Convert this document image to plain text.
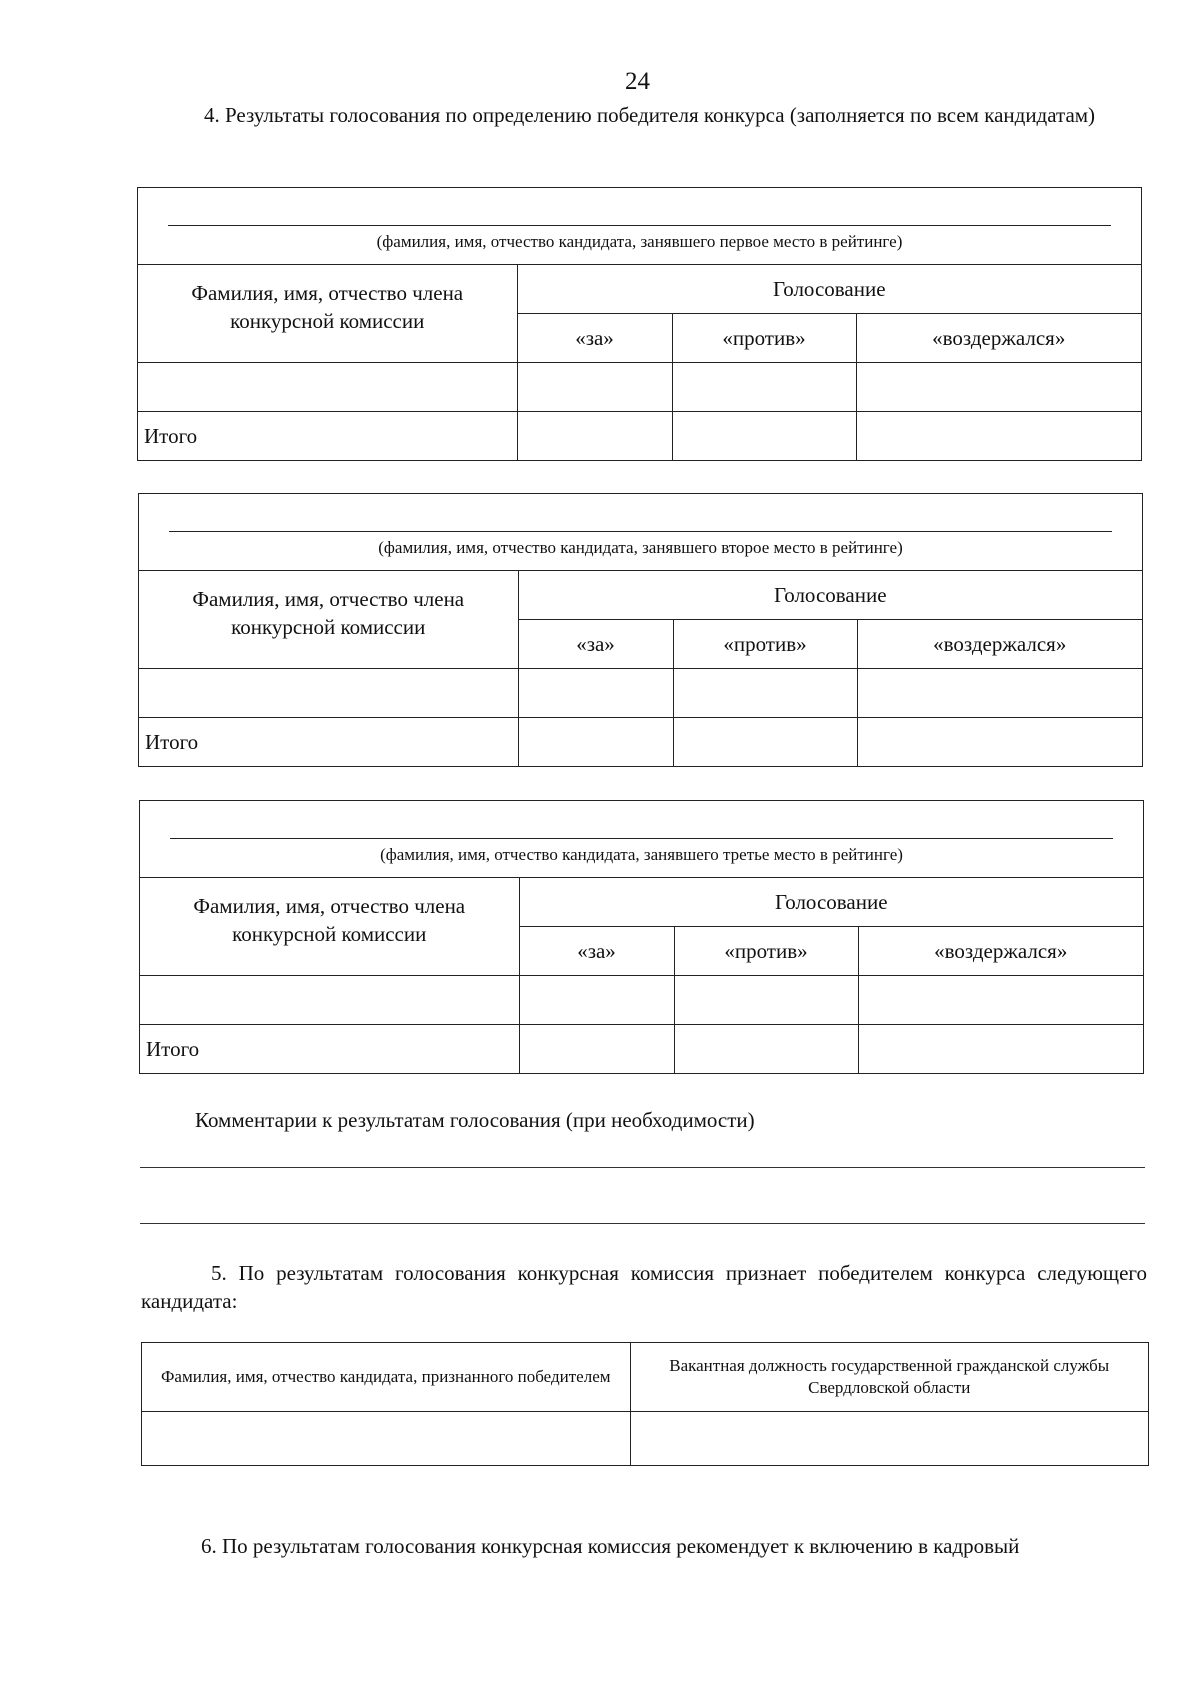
24
4. Результаты голосования по определению победителя конкурса (заполняется по всем кандидатам)
(фамилия, имя, отчество кандидата, занявшего первое место в рейтинге)
Фамилия, имя, отчество члена конкурсной комиссии	Голосование		
	«за»	«против»	«воздержался»

Итого			
(фамилия, имя, отчество кандидата, занявшего второе место в рейтинге)
Фамилия, имя, отчество члена конкурсной комиссии	Голосование		
	«за»	«против»	«воздержался»

Итого			
(фамилия, имя, отчество кандидата, занявшего третье место в рейтинге)
Фамилия, имя, отчество члена конкурсной комиссии	Голосование		
	«за»	«против»	«воздержался»

Итого			
Комментарии к результатам голосования (при необходимости)
5. По результатам голосования конкурсная комиссия признает победителем конкурса следующего кандидата:
Фамилия, имя, отчество кандидата, признанного победителем	Вакантная должность государственной гражданской службы Свердловской области

6. По результатам голосования конкурсная комиссия рекомендует к включению в кадровый
